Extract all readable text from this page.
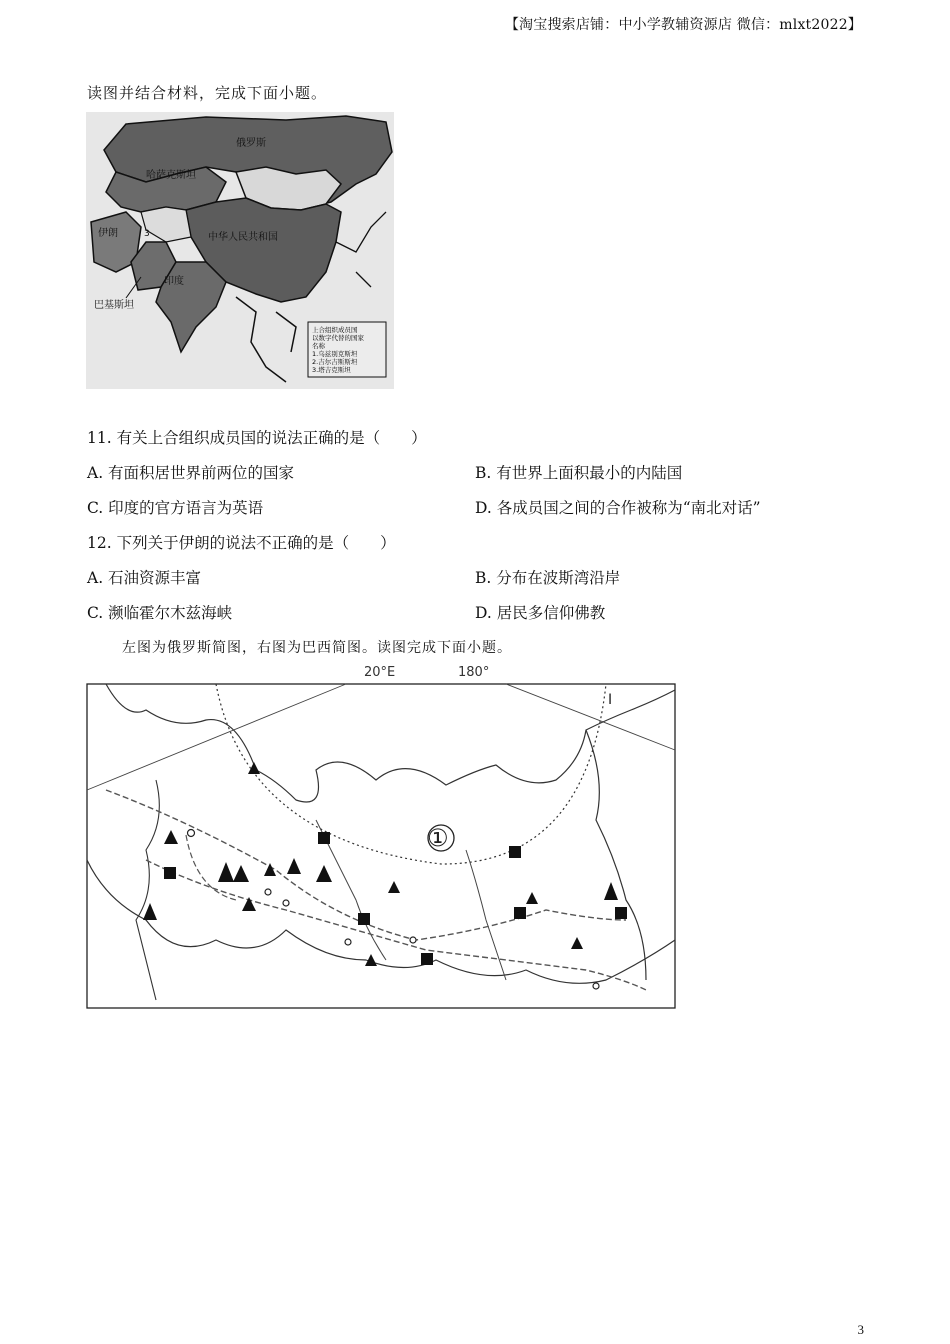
【淘宝搜索店铺：中小学教辅资源店 微信：mlxt2022】
读图并结合材料，完成下面小题。
上合组织成员国
以数字代替的国家
名称
1.乌兹别克斯坦
2.吉尔吉斯斯坦
3.塔吉克斯坦
俄罗斯
哈萨克斯坦
伊朗	3	中华人民共和国
印度
巴基斯坦
11. 有关上合组织成员国的说法正确的是（　　）
A. 有面积居世界前两位的国家	B. 有世界上面积最小的内陆国
C. 印度的官方语言为英语	D. 各成员国之间的合作被称为“南北对话”
12. 下列关于伊朗的说法不正确的是（　　）
A. 石油资源丰富	B. 分布在波斯湾沿岸
C. 濒临霍尔木兹海峡	D. 居民多信仰佛教
左图为俄罗斯简图，右图为巴西简图。读图完成下面小题。
20°E	180°
①
I
3
